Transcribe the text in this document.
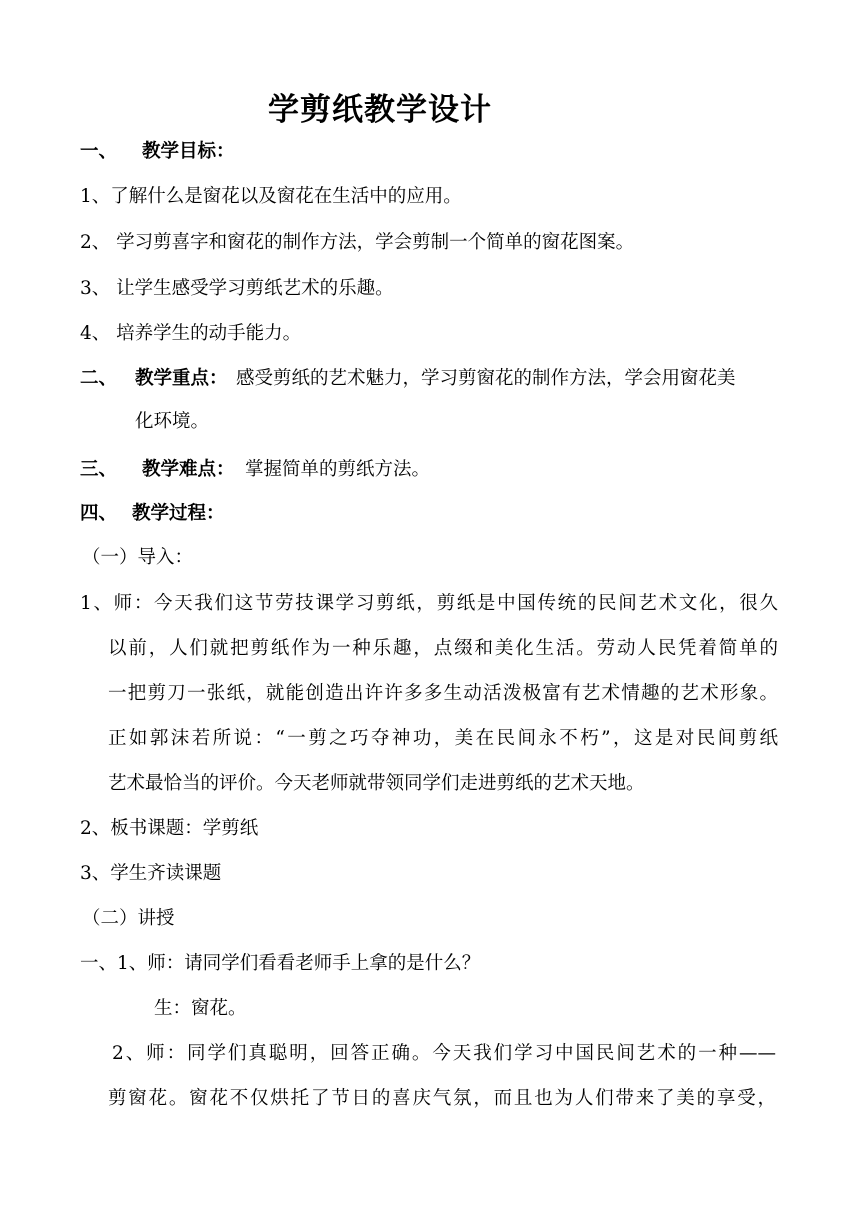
学剪纸教学设计
一、 教学目标：
1、了解什么是窗花以及窗花在生活中的应用。
2、 学习剪喜字和窗花的制作方法，学会剪制一个简单的窗花图案。
3、 让学生感受学习剪纸艺术的乐趣。
4、 培养学生的动手能力。
二、 教学重点： 感受剪纸的艺术魅力，学习剪窗花的制作方法，学会用窗花美
化环境。
三、 教学难点： 掌握简单的剪纸方法。
四、 教学过程：
（一）导入：
1、师：今天我们这节劳技课学习剪纸，剪纸是中国传统的民间艺术文化，很久
以前，人们就把剪纸作为一种乐趣，点缀和美化生活。劳动人民凭着简单的
一把剪刀一张纸，就能创造出许许多多生动活泼极富有艺术情趣的艺术形象。
正如郭沫若所说：“一剪之巧夺神功，美在民间永不朽”，这是对民间剪纸
艺术最恰当的评价。今天老师就带领同学们走进剪纸的艺术天地。
2、板书课题：学剪纸
3、学生齐读课题
（二）讲授
一、1、师：请同学们看看老师手上拿的是什么？
生：窗花。
2、师：同学们真聪明，回答正确。今天我们学习中国民间艺术的一种——
剪窗花。窗花不仅烘托了节日的喜庆气氛，而且也为人们带来了美的享受，
